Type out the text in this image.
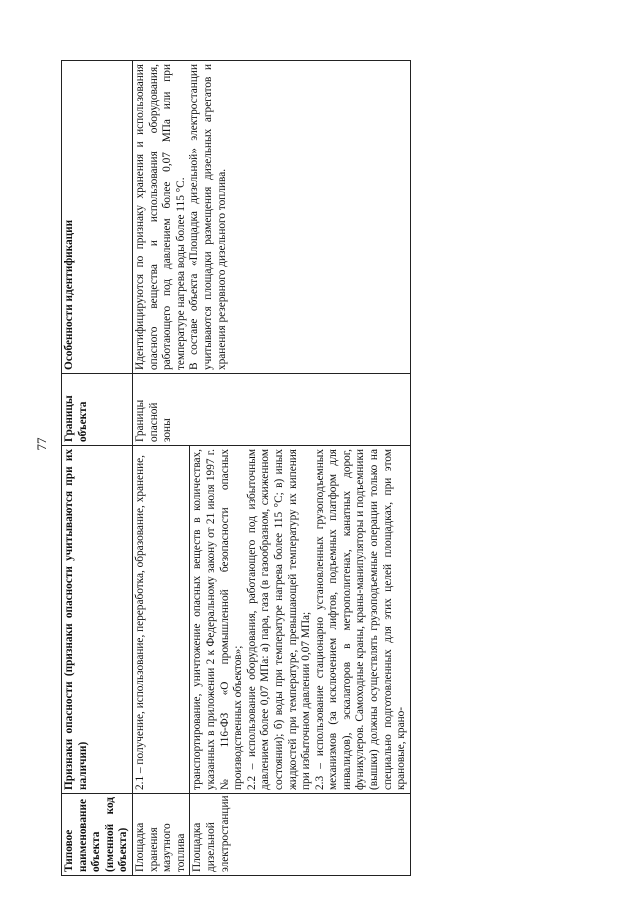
77
Типовое наименование объекта (именной код объекта)	Признаки опасности (признаки опасности учитываются при их наличии)	Границы объекта	Особенности идентификации
Площадка хранения мазутного топлива	2.1 – получение, использование, переработка, образование, хранение,	Границы опасной зоны	Идентифицируются по признаку хранения и использования опасного вещества и использования оборудования, работающего под давлением более 0,07 МПа или при температуре нагрева воды более 115 °С. В составе объекта «Площадка дизельной» электростанции учитываются площадки размещения дизельных агрегатов и хранения резервного дизельного топлива.

Площадка дизельной электростанции	транспортирование, уничтожение опасных веществ в количествах, указанных в приложении 2 к Федеральному закону от 21 июля 1997 г. № 116-ФЗ «О промышленной безопасности опасных производственных объектов»; 2.2 – использование оборудования, работающего под избыточным давлением более 0,07 МПа: а) пара, газа (в газообразном, сжиженном состоянии); б) воды при температуре нагрева более 115 °С; в) иных жидкостей при температуре, превышающей температуру их кипения при избыточном давлении 0,07 МПа; 2.3 – использование стационарно установленных грузоподъемных механизмов (за исключением лифтов, подъемных платформ для инвалидов), эскалаторов в метрополитенах, канатных дорог, фуникулеров. Самоходные краны, краны-манипуляторы и подъемники (вышки) должны осуществлять грузоподъемные операции только на специально подготовленных для этих целей площадках, при этом крановые, крано-		
